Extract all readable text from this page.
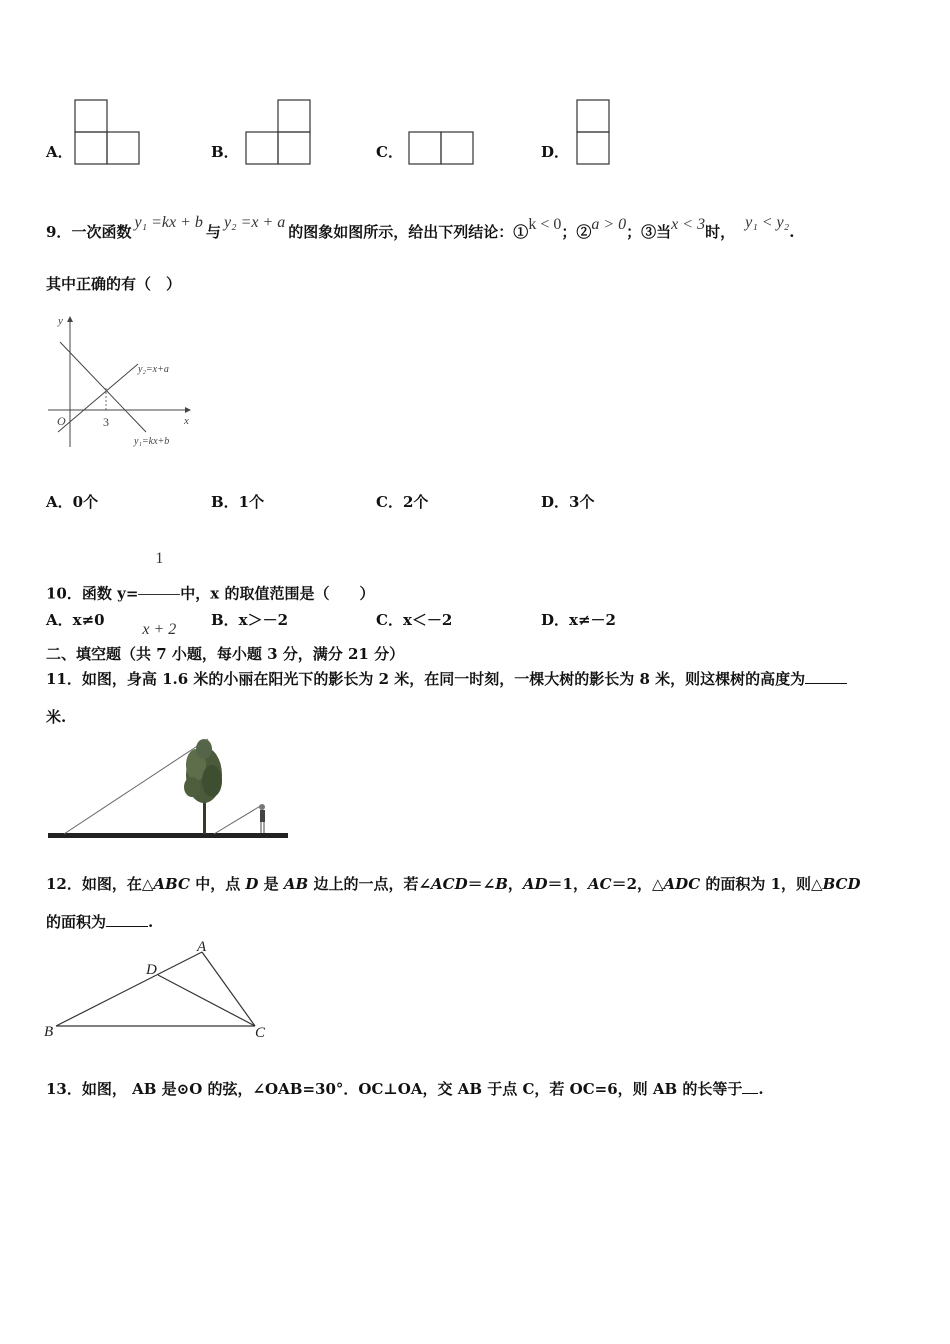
A．	B．	C．	D．
9．一次函数y₁ =kx + b与y₂ =x + a的图象如图所示，给出下列结论：①k < 0；②a > 0；③当x < 3时，y₁ < y₂.
其中正确的有（　）
y
x
O	3
y₂=x+a
y₁=kx+b
A．0个	B．1个	C．2个	D．3个
10．函数 $y= \frac{1}{x + 2}$ 中，x 的取值范围是（　　）
A．x≠0	B．x＞－2	C．x＜－2	D．x≠－2
二、填空题（共 7 小题，每小题 3 分，满分 21 分）
11．如图，身高 1.6 米的小丽在阳光下的影长为 2 米，在同一时刻，一棵大树的影长为 8 米，则这棵树的高度为
米.
12．如图，在△ABC 中，点 D 是 AB 边上的一点，若∠ACD＝∠B，AD＝1，AC＝2，△ADC 的面积为 1，则△BCD
的面积为	.
A
B	C
D
13．如图， AB 是⊙O 的弦，∠OAB=30°．OC⊥OA，交 AB 于点 C，若 OC=6，则 AB 的长等于 .
